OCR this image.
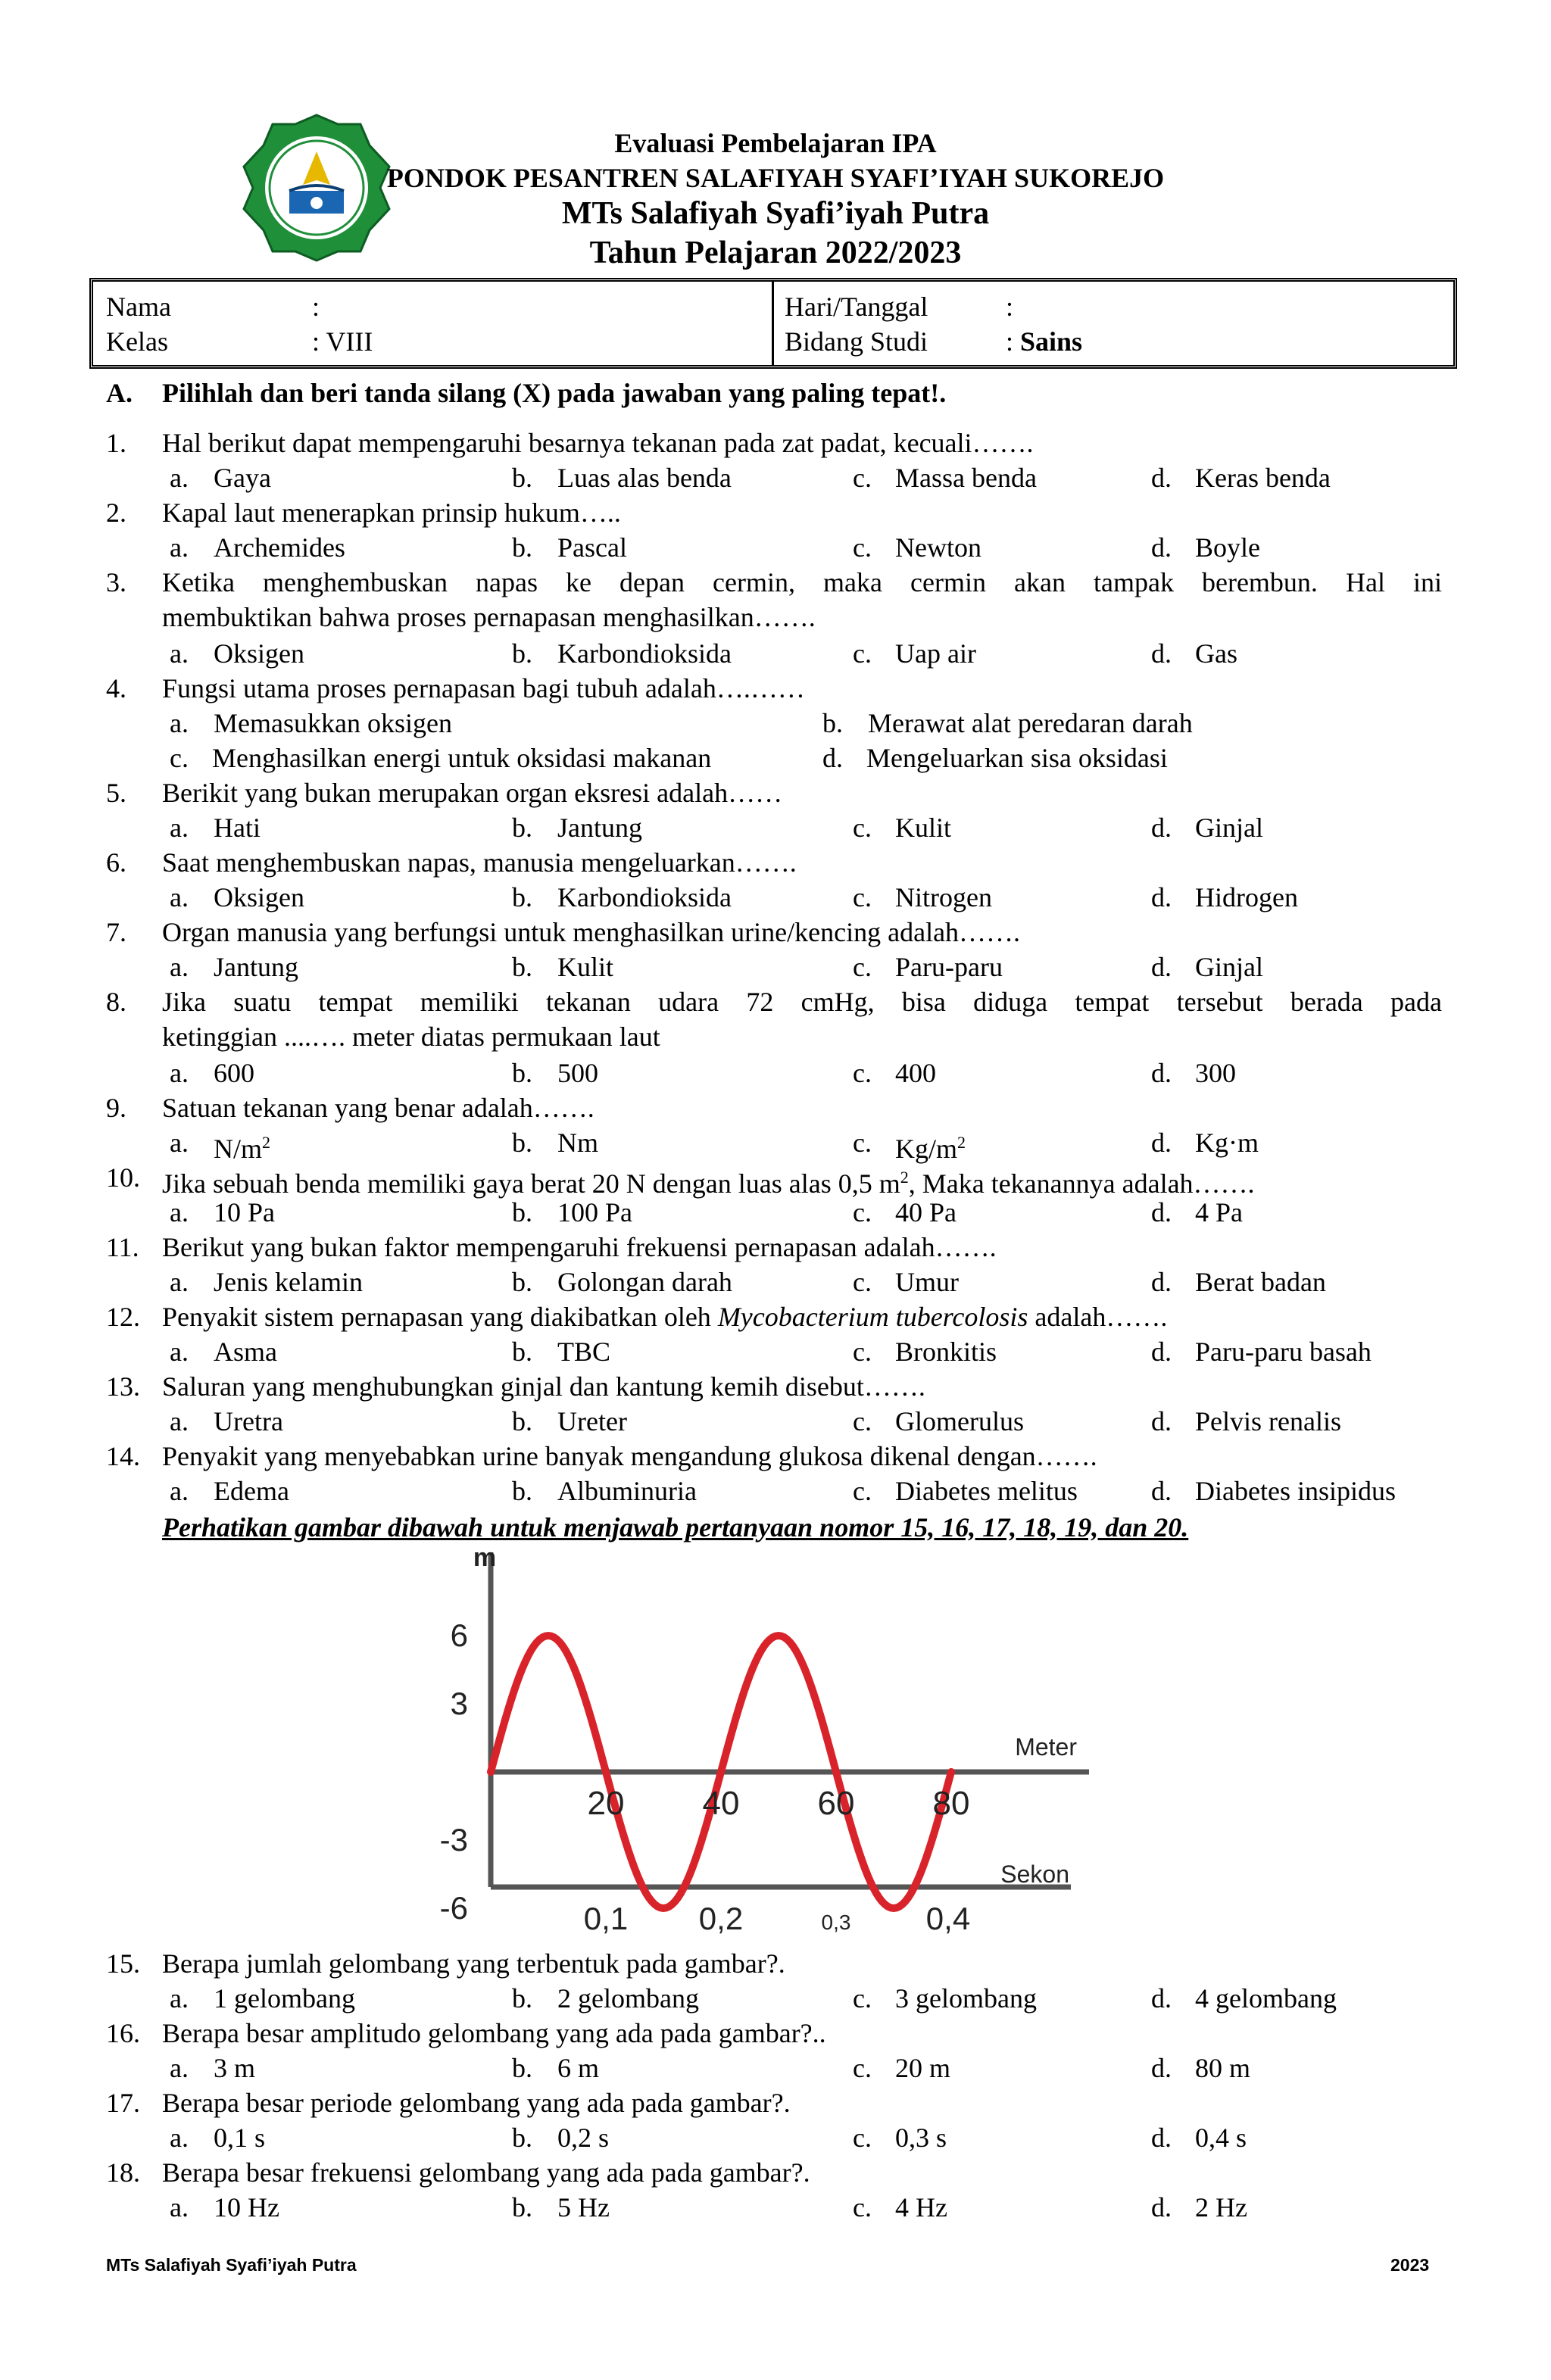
Evaluasi Pembelajaran IPA
PONDOK PESANTREN SALAFIYAH SYAFI’IYAH SUKOREJO
MTs Salafiyah Syafi’iyah Putra
Tahun Pelajaran 2022/2023
Nama	:
Kelas	: VIII
Hari/Tanggal	:
Bidang Studi	: Sains
A. Pilihlah dan beri tanda silang (X) pada jawaban yang paling tepat!.
1. Hal berikut dapat mempengaruhi besarnya tekanan pada zat padat, kecuali…….
a. Gaya	b. Luas alas benda	c. Massa benda	d. Keras benda
2. Kapal laut menerapkan prinsip hukum…..
a. Archemides	b. Pascal	c. Newton	d. Boyle
3. Ketika menghembuskan napas ke depan cermin, maka cermin akan tampak berembun. Hal ini
membuktikan bahwa proses pernapasan menghasilkan…….
a. Oksigen	b. Karbondioksida	c. Uap air	d. Gas
4. Fungsi utama proses pernapasan bagi tubuh adalah….……
a. Memasukkan oksigen	b. Merawat alat peredaran darah
c. Menghasilkan energi untuk oksidasi makanan	d. Mengeluarkan sisa oksidasi
5. Berikit yang bukan merupakan organ eksresi adalah……
a. Hati	b. Jantung	c. Kulit	d. Ginjal
6. Saat menghembuskan napas, manusia mengeluarkan…….
a. Oksigen	b. Karbondioksida	c. Nitrogen	d. Hidrogen
7. Organ manusia yang berfungsi untuk menghasilkan urine/kencing adalah…….
a. Jantung	b. Kulit	c. Paru-paru	d. Ginjal
8. Jika suatu tempat memiliki tekanan udara 72 cmHg, bisa diduga tempat tersebut berada pada
ketinggian ....…. meter diatas permukaan laut
a. 600	b. 500	c. 400	d. 300
9. Satuan tekanan yang benar adalah…….
a. $N/m^2$	b. Nm	c. $Kg/m^2$	d. Kg·m
10. Jika sebuah benda memiliki gaya berat 20 N dengan luas alas 0,5 $m^2$, Maka tekanannya adalah…….
a. 10 Pa	b. 100 Pa	c. 40 Pa	d. 4 Pa
11. Berikut yang bukan faktor mempengaruhi frekuensi pernapasan adalah…….
a. Jenis kelamin	b. Golongan darah	c. Umur	d. Berat badan
12. Penyakit sistem pernapasan yang diakibatkan oleh Mycobacterium tubercolosis adalah…….
a. Asma	b. TBC	c. Bronkitis	d. Paru-paru basah
13. Saluran yang menghubungkan ginjal dan kantung kemih disebut…….
a. Uretra	b. Ureter	c. Glomerulus	d. Pelvis renalis
14. Penyakit yang menyebabkan urine banyak mengandung glukosa dikenal dengan…….
a. Edema	b. Albuminuria	c. Diabetes melitus	d. Diabetes insipidus
15. Berapa jumlah gelombang yang terbentuk pada gambar?.
a. 1 gelombang	b. 2 gelombang	c. 3 gelombang	d. 4 gelombang
16. Berapa besar amplitudo gelombang yang ada pada gambar?..
a. 3 m	b. 6 m	c. 20 m	d. 80 m
17. Berapa besar periode gelombang yang ada pada gambar?.
a. 0,1 s	b. 0,2 s	c. 0,3 s	d. 0,4 s
18. Berapa besar frekuensi gelombang yang ada pada gambar?.
a. 10 Hz	b. 5 Hz	c. 4 Hz	d. 2 Hz
Perhatikan gambar dibawah untuk menjawab pertanyaan nomor 15, 16, 17, 18, 19, dan 20.
m
6
3
-3
-6
Meter
20 40 60 80
Sekon
0,1 0,2	0,3 0,4
MTs Salafiyah Syafi’iyah Putra	2023
